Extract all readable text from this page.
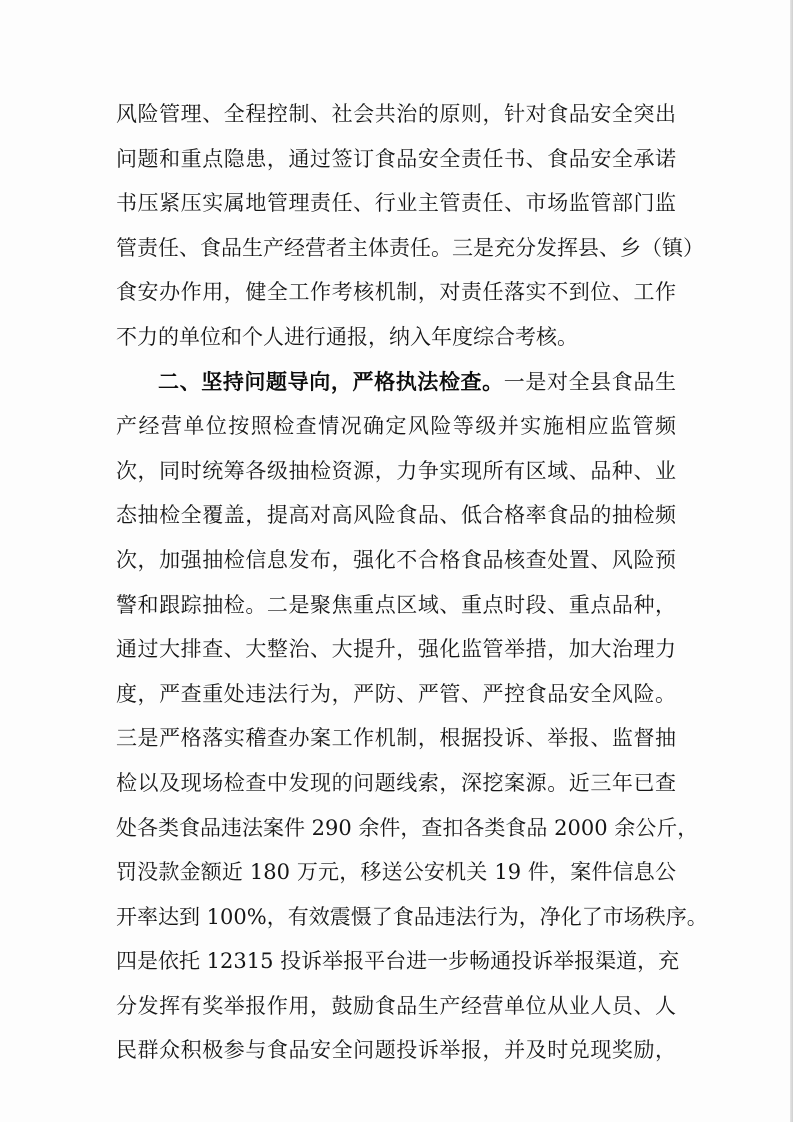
风险管理、全程控制、社会共治的原则，针对食品安全突出
问题和重点隐患，通过签订食品安全责任书、食品安全承诺
书压紧压实属地管理责任、行业主管责任、市场监管部门监
管责任、食品生产经营者主体责任。三是充分发挥县、乡（镇）
食安办作用，健全工作考核机制，对责任落实不到位、工作
不力的单位和个人进行通报，纳入年度综合考核。
二、坚持问题导向，严格执法检查。一是对全县食品生
产经营单位按照检查情况确定风险等级并实施相应监管频
次，同时统筹各级抽检资源，力争实现所有区域、品种、业
态抽检全覆盖，提高对高风险食品、低合格率食品的抽检频
次，加强抽检信息发布，强化不合格食品核查处置、风险预
警和跟踪抽检。二是聚焦重点区域、重点时段、重点品种，
通过大排查、大整治、大提升，强化监管举措，加大治理力
度，严查重处违法行为，严防、严管、严控食品安全风险。
三是严格落实稽查办案工作机制，根据投诉、举报、监督抽
检以及现场检查中发现的问题线索，深挖案源。近三年已查
处各类食品违法案件 290 余件，查扣各类食品 2000 余公斤，
罚没款金额近 180 万元，移送公安机关 19 件，案件信息公
开率达到 100%，有效震慑了食品违法行为，净化了市场秩序。
四是依托 12315 投诉举报平台进一步畅通投诉举报渠道，充
分发挥有奖举报作用，鼓励食品生产经营单位从业人员、人
民群众积极参与食品安全问题投诉举报，并及时兑现奖励，
